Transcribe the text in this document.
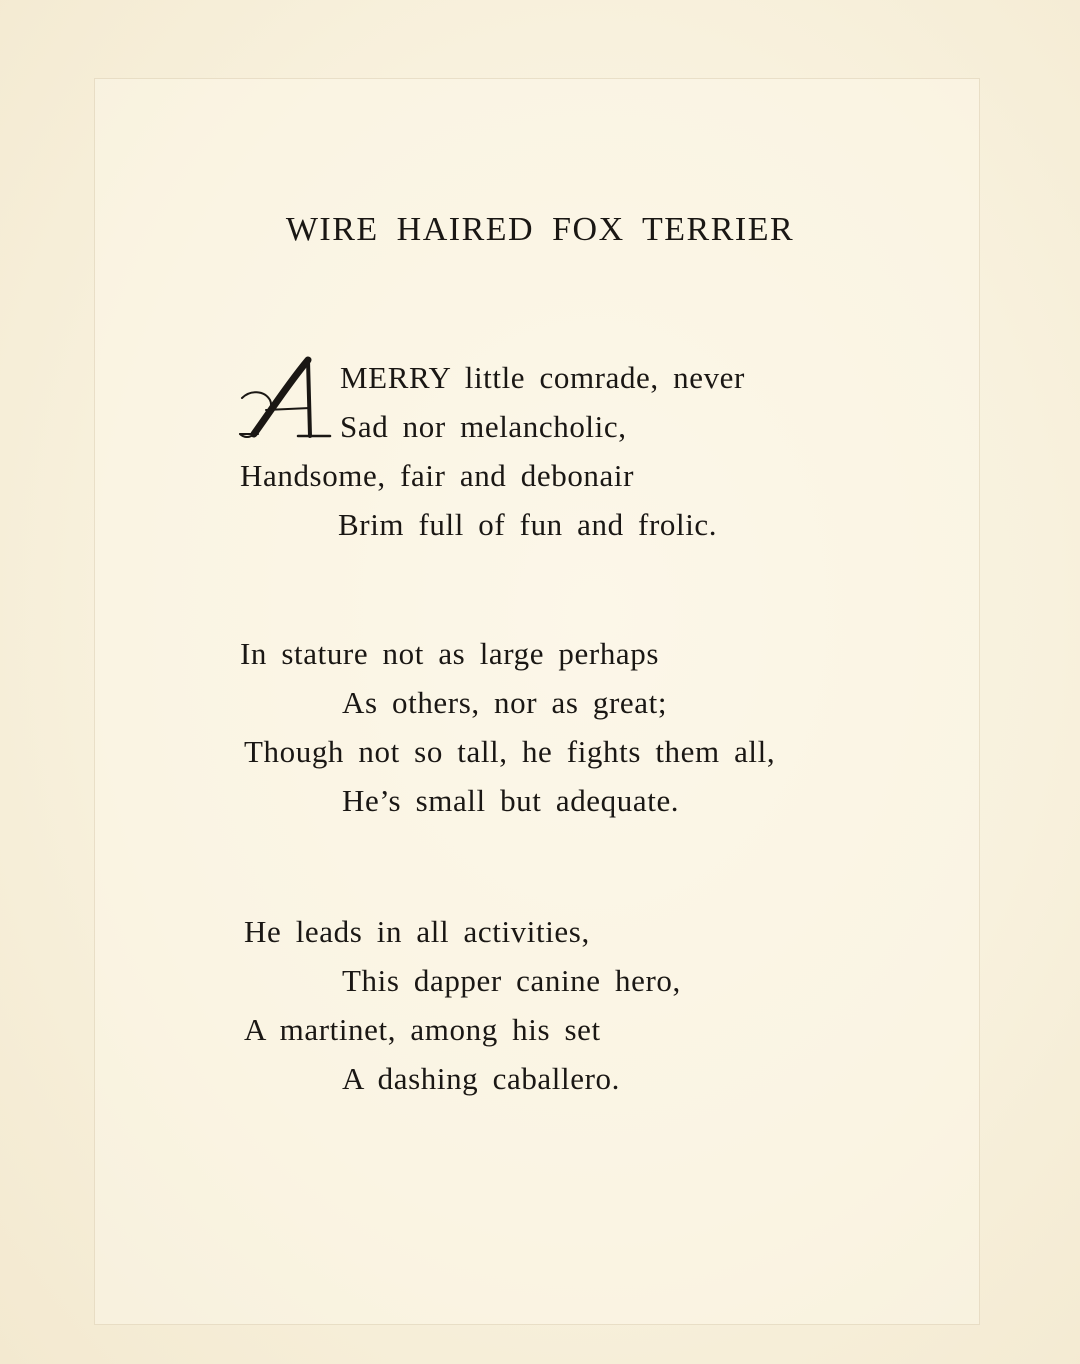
WIRE HAIRED FOX TERRIER
MERRY little comrade, never
Sad nor melancholic,
Handsome, fair and debonair
Brim full of fun and frolic.
In stature not as large perhaps
As others, nor as great;
Though not so tall, he fights them all,
He’s small but adequate.
He leads in all activities,
This dapper canine hero,
A martinet, among his set
A dashing caballero.
